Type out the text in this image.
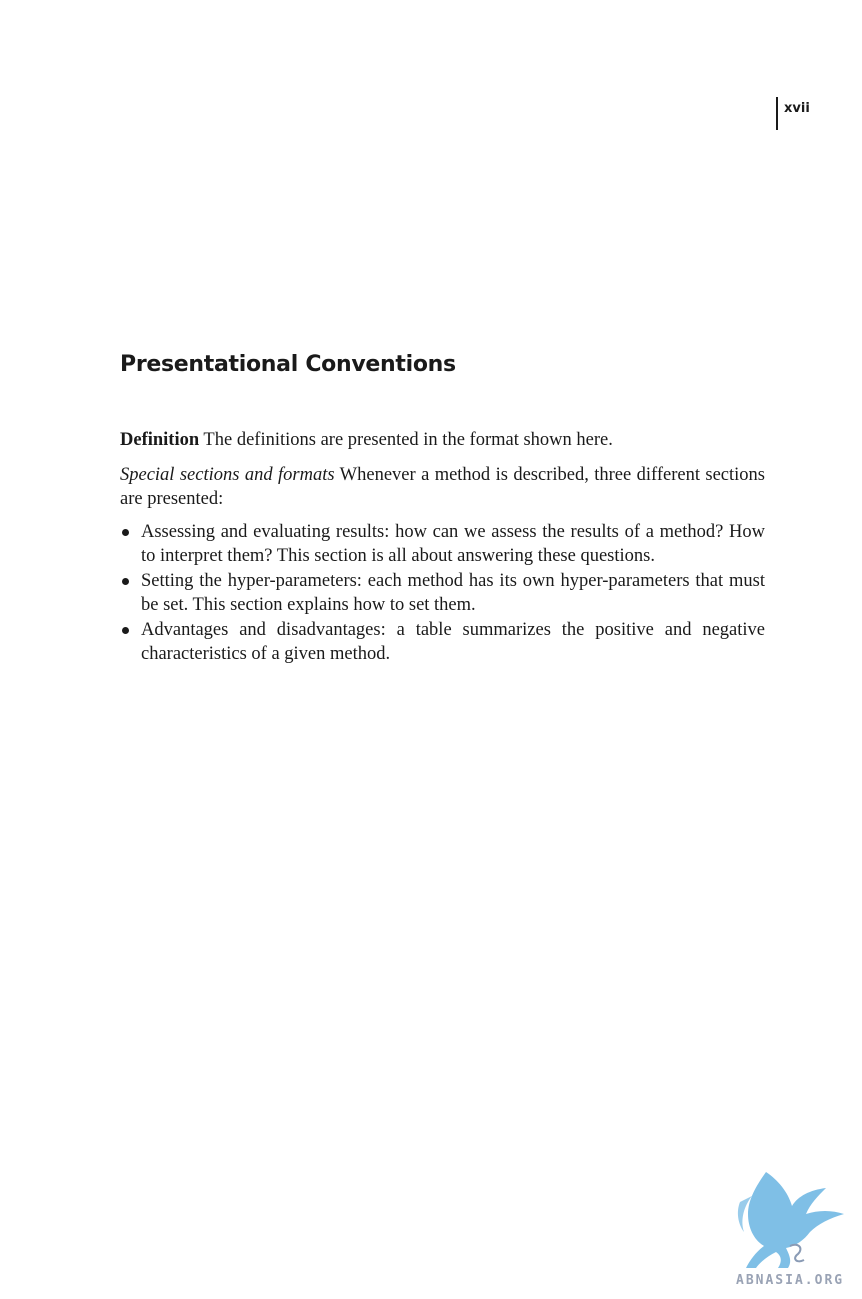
xvii
Presentational Conventions

Definition The definitions are presented in the format shown here.

Special sections and formats Whenever a method is described, three different sections are presented:

Assessing and evaluating results: how can we assess the results of a method? How to interpret them? This section is all about answering these questions.
Setting the hyper-parameters: each method has its own hyper-parameters that must be set. This section explains how to set them.
Advantages and disadvantages: a table summarizes the positive and negative characteristics of a given method.
ABNASIA.ORG
